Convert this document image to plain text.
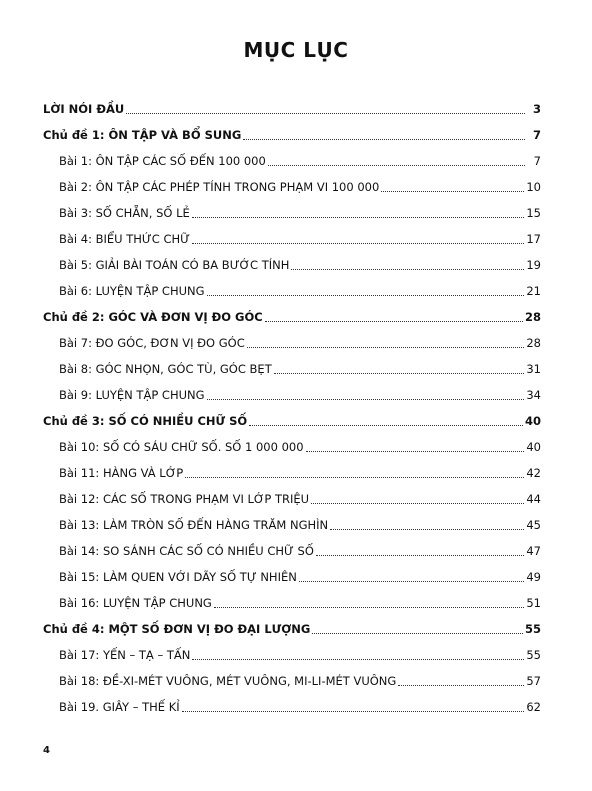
MỤC LỤC
LỜI NÓI ĐẦU	3
Chủ đề 1: ÔN TẬP VÀ BỔ SUNG	7
Bài 1: ÔN TẬP CÁC SỐ ĐẾN 100 000	7
Bài 2: ÔN TẬP CÁC PHÉP TÍNH TRONG PHẠM VI 100 000	10
Bài 3: SỐ CHẴN, SỐ LẺ	15
Bài 4: BIỂU THỨC CHỮ	17
Bài 5: GIẢI BÀI TOÁN CÓ BA BƯỚC TÍNH	19
Bài 6: LUYỆN TẬP CHUNG	21
Chủ đề 2: GÓC VÀ ĐƠN VỊ ĐO GÓC	28
Bài 7: ĐO GÓC, ĐƠN VỊ ĐO GÓC	28
Bài 8: GÓC NHỌN, GÓC TÙ, GÓC BẸT	31
Bài 9: LUYỆN TẬP CHUNG	34
Chủ đề 3: SỐ CÓ NHIỀU CHỮ SỐ	40
Bài 10: SỐ CÓ SÁU CHỮ SỐ. SỐ 1 000 000	40
Bài 11: HÀNG VÀ LỚP	42
Bài 12: CÁC SỐ TRONG PHẠM VI LỚP TRIỆU	44
Bài 13: LÀM TRÒN SỐ ĐẾN HÀNG TRĂM NGHÌN	45
Bài 14: SO SÁNH CÁC SỐ CÓ NHIỀU CHỮ SỐ	47
Bài 15: LÀM QUEN VỚI DÃY SỐ TỰ NHIÊN	49
Bài 16: LUYỆN TẬP CHUNG	51
Chủ đề 4: MỘT SỐ ĐƠN VỊ ĐO ĐẠI LƯỢNG	55
Bài 17: YẾN – TẠ – TẤN	55
Bài 18: ĐỀ-XI-MÉT VUÔNG, MÉT VUÔNG, MI-LI-MÉT VUÔNG	57
Bài 19. GIÂY – THẾ KỈ	62
4
